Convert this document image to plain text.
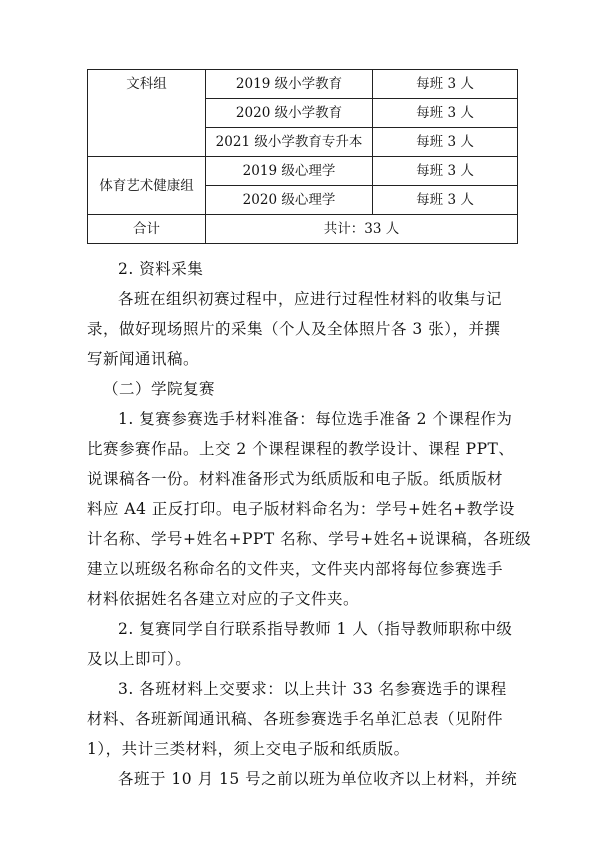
文科组	2019 级小学教育	每班 3 人
	2020 级小学教育	每班 3 人
	2021 级小学教育专升本	每班 3 人
体育艺术健康组	2019 级心理学	每班 3 人
	2020 级心理学	每班 3 人
合计	共计：33 人	

2. 资料采集

各班在组织初赛过程中，应进行过程性材料的收集与记
录，做好现场照片的采集（个人及全体照片各 3 张），并撰
写新闻通讯稿。

（二）学院复赛

1. 复赛参赛选手材料准备：每位选手准备 2 个课程作为
比赛参赛作品。上交 2 个课程课程的教学设计、课程 PPT、
说课稿各一份。材料准备形式为纸质版和电子版。纸质版材
料应 A4 正反打印。电子版材料命名为：学号+姓名+教学设
计名称、学号+姓名+PPT 名称、学号+姓名+说课稿，各班级
建立以班级名称命名的文件夹，文件夹内部将每位参赛选手
材料依据姓名各建立对应的子文件夹。

2. 复赛同学自行联系指导教师 1 人（指导教师职称中级
及以上即可）。

3. 各班材料上交要求：以上共计 33 名参赛选手的课程
材料、各班新闻通讯稿、各班参赛选手名单汇总表（见附件
1），共计三类材料，须上交电子版和纸质版。

各班于 10 月 15 号之前以班为单位收齐以上材料，并统
